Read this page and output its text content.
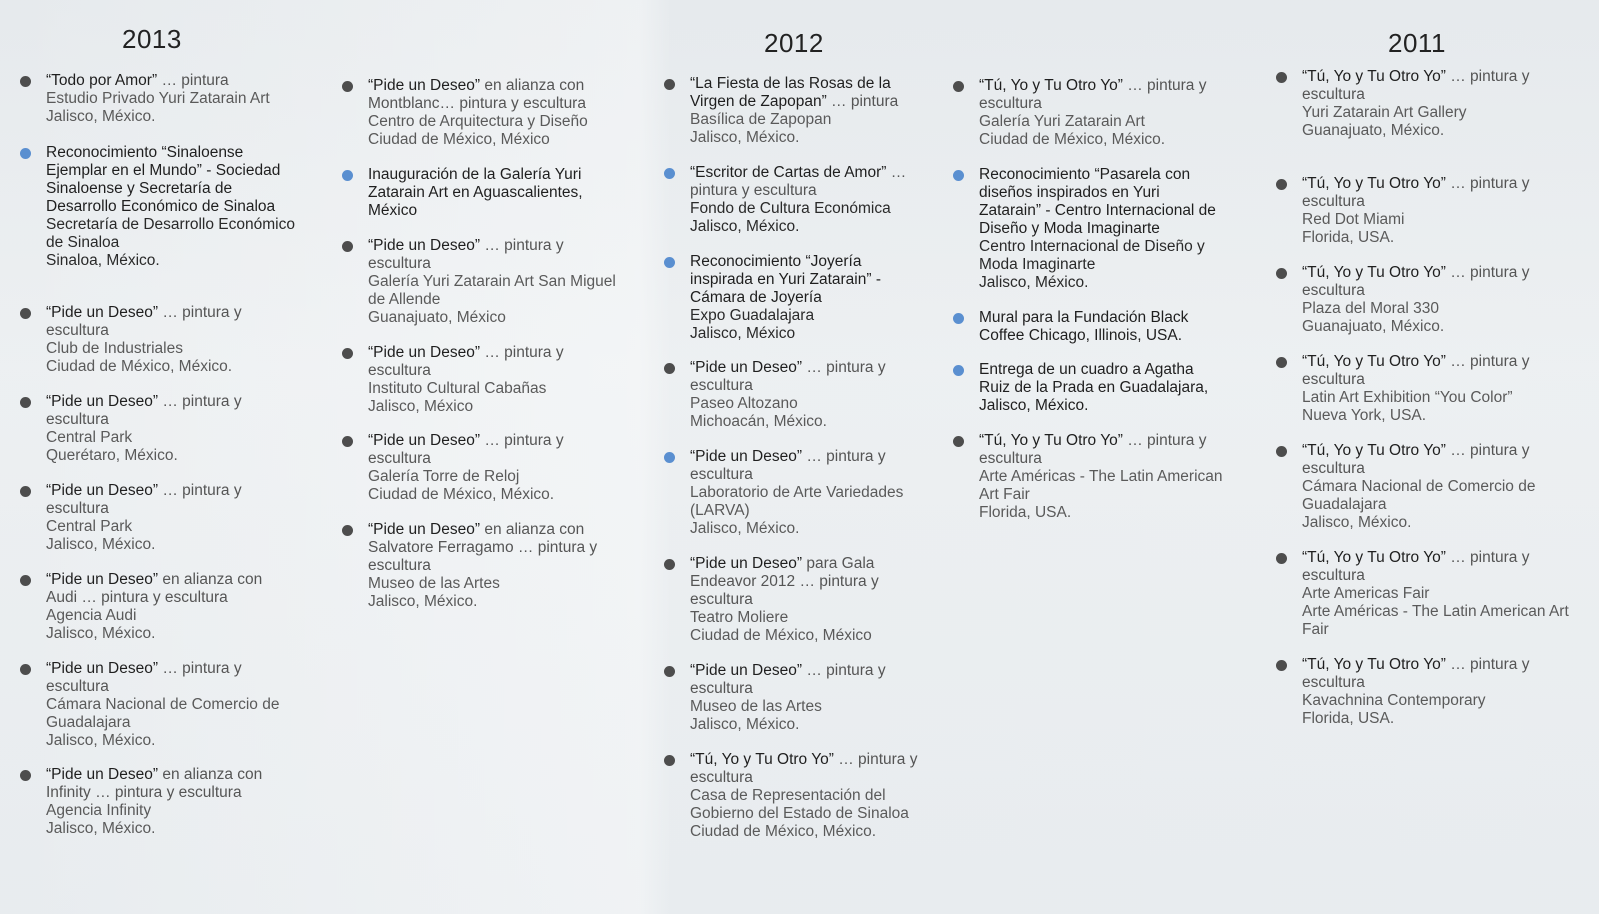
2013	2012	2011
“Todo por Amor” … pintura
Estudio Privado Yuri Zatarain Art
Jalisco, México.
Reconocimiento “Sinaloense Ejemplar en el Mundo” - Sociedad Sinaloense y Secretaría de Desarrollo Económico de Sinaloa
Secretaría de Desarrollo Económico de Sinaloa
Sinaloa, México.
“Pide un Deseo” … pintura y escultura
Club de Industriales
Ciudad de México, México.
“Pide un Deseo” … pintura y escultura
Central Park
Querétaro, México.
“Pide un Deseo” … pintura y escultura
Central Park
Jalisco, México.
“Pide un Deseo” en alianza con Audi … pintura y escultura
Agencia Audi
Jalisco, México.
“Pide un Deseo” … pintura y escultura
Cámara Nacional de Comercio de Guadalajara
Jalisco, México.
“Pide un Deseo” en alianza con Infinity … pintura y escultura
Agencia Infinity
Jalisco, México.
“Pide un Deseo” en alianza con Montblanc… pintura y escultura
Centro de Arquitectura y Diseño
Ciudad de México, México
Inauguración de la Galería Yuri Zatarain Art en Aguascalientes, México
“Pide un Deseo” … pintura y escultura
Galería Yuri Zatarain Art San Miguel de Allende
Guanajuato, México
“Pide un Deseo” … pintura y escultura
Instituto Cultural Cabañas
Jalisco, México
“Pide un Deseo” … pintura y escultura
Galería Torre de Reloj
Ciudad de México, México.
“Pide un Deseo” en alianza con Salvatore Ferragamo … pintura y escultura
Museo de las Artes
Jalisco, México.
“La Fiesta de las Rosas de la Virgen de Zapopan” … pintura
Basílica de Zapopan
Jalisco, México.
“Escritor de Cartas de Amor” … pintura y escultura
Fondo de Cultura Económica
Jalisco, México.
Reconocimiento “Joyería inspirada en Yuri Zatarain” - Cámara de Joyería
Expo Guadalajara
Jalisco, México
“Pide un Deseo” … pintura y escultura
Paseo Altozano
Michoacán, México.
“Pide un Deseo” … pintura y escultura
Laboratorio de Arte Variedades (LARVA)
Jalisco, México.
“Pide un Deseo” para Gala Endeavor 2012 … pintura y escultura
Teatro Moliere
Ciudad de México, México
“Pide un Deseo” … pintura y escultura
Museo de las Artes
Jalisco, México.
“Tú, Yo y Tu Otro Yo” … pintura y escultura
Casa de Representación del Gobierno del Estado de Sinaloa
Ciudad de México, México.
“Tú, Yo y Tu Otro Yo” … pintura y escultura
Galería Yuri Zatarain Art
Ciudad de México, México.
Reconocimiento “Pasarela con diseños inspirados en Yuri Zatarain” - Centro Internacional de Diseño y Moda Imaginarte
Centro Internacional de Diseño y Moda Imaginarte
Jalisco, México.
Mural para la Fundación Black Coffee Chicago, Illinois, USA.
Entrega de un cuadro a Agatha Ruiz de la Prada en Guadalajara, Jalisco, México.
“Tú, Yo y Tu Otro Yo” … pintura y escultura
Arte Américas - The Latin American Art Fair
Florida, USA.
“Tú, Yo y Tu Otro Yo” … pintura y escultura
Yuri Zatarain Art Gallery
Guanajuato, México.
“Tú, Yo y Tu Otro Yo” … pintura y escultura
Red Dot Miami
Florida, USA.
“Tú, Yo y Tu Otro Yo” … pintura y escultura
Plaza del Moral 330
Guanajuato, México.
“Tú, Yo y Tu Otro Yo” … pintura y escultura
Latin Art Exhibition “You Color”
Nueva York, USA.
“Tú, Yo y Tu Otro Yo” … pintura y escultura
Cámara Nacional de Comercio de Guadalajara
Jalisco, México.
“Tú, Yo y Tu Otro Yo” … pintura y escultura
Arte Americas Fair
Arte Américas - The Latin American Art Fair
“Tú, Yo y Tu Otro Yo” … pintura y escultura
Kavachnina Contemporary
Florida, USA.
